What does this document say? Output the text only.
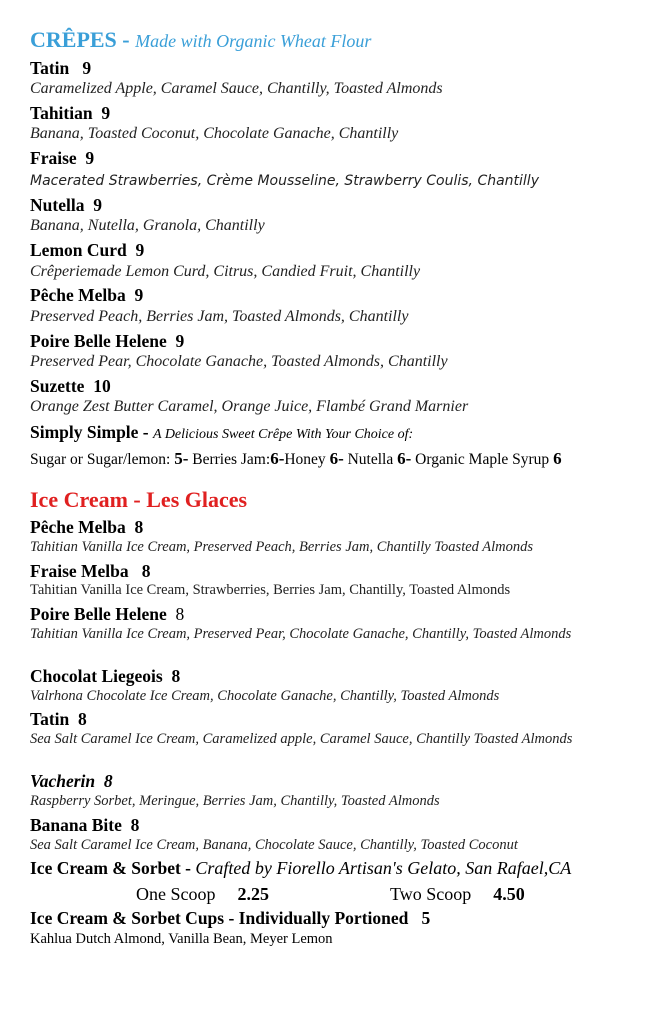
CRÊPES - Made with Organic Wheat Flour
Tatin 9
Caramelized Apple, Caramel Sauce, Chantilly, Toasted Almonds
Tahitian 9
Banana, Toasted Coconut, Chocolate Ganache, Chantilly
Fraise 9
Macerated Strawberries, Crème Mousseline, Strawberry Coulis, Chantilly
Nutella 9
Banana, Nutella, Granola, Chantilly
Lemon Curd 9
Crêperiemade Lemon Curd, Citrus, Candied Fruit, Chantilly
Pêche Melba 9
Preserved Peach, Berries Jam, Toasted Almonds, Chantilly
Poire Belle Helene 9
Preserved Pear, Chocolate Ganache, Toasted Almonds, Chantilly
Suzette 10
Orange Zest Butter Caramel, Orange Juice, Flambé Grand Marnier
Simply Simple - A Delicious Sweet Crêpe With Your Choice of:
Sugar or Sugar/lemon: 5- Berries Jam:6-Honey 6- Nutella 6- Organic Maple Syrup 6
Ice Cream - Les Glaces
Pêche Melba 8
Tahitian Vanilla Ice Cream, Preserved Peach, Berries Jam, Chantilly Toasted Almonds
Fraise Melba 8
Tahitian Vanilla Ice Cream, Strawberries, Berries Jam, Chantilly, Toasted Almonds
Poire Belle Helene 8
Tahitian Vanilla Ice Cream, Preserved Pear, Chocolate Ganache, Chantilly, Toasted Almonds
Chocolat Liegeois 8
Valrhona Chocolate Ice Cream, Chocolate Ganache, Chantilly, Toasted Almonds
Tatin 8
Sea Salt Caramel Ice Cream, Caramelized apple, Caramel Sauce, Chantilly Toasted Almonds
Vacherin 8
Raspberry Sorbet, Meringue, Berries Jam, Chantilly, Toasted Almonds
Banana Bite 8
Sea Salt Caramel Ice Cream, Banana, Chocolate Sauce, Chantilly, Toasted Coconut
Ice Cream & Sorbet - Crafted by Fiorello Artisan's Gelato, San Rafael,CA
One Scoop 2.25	Two Scoop 4.50
Ice Cream & Sorbet Cups - Individually Portioned 5
Kahlua Dutch Almond, Vanilla Bean, Meyer Lemon
